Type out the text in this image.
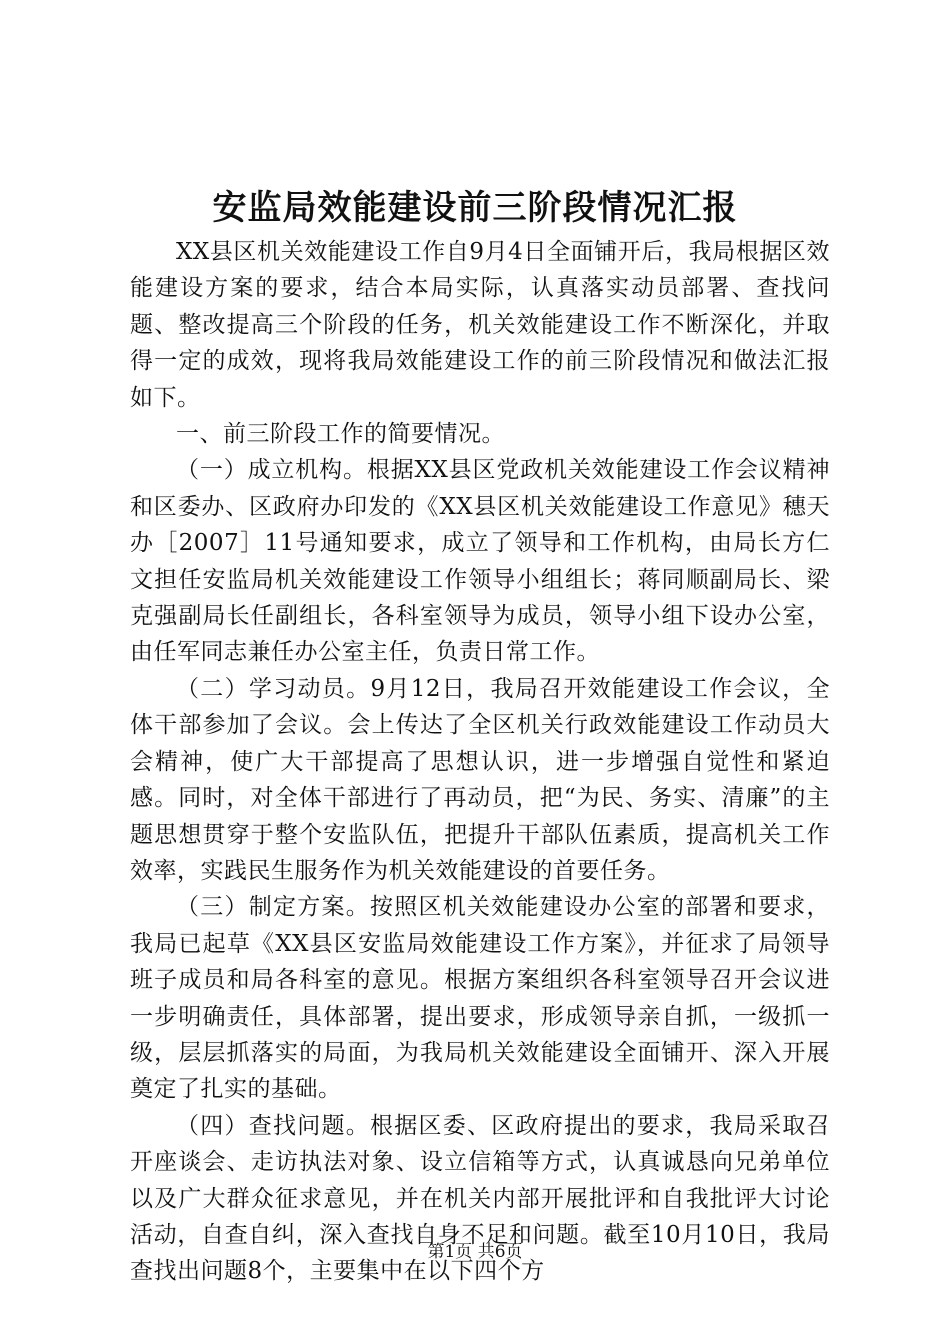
安监局效能建设前三阶段情况汇报

XX县区机关效能建设工作自9月4日全面铺开后，我局根据区效能建设方案的要求，结合本局实际，认真落实动员部署、查找问题、整改提高三个阶段的任务，机关效能建设工作不断深化，并取得一定的成效，现将我局效能建设工作的前三阶段情况和做法汇报如下。

一、前三阶段工作的简要情况。

（一）成立机构。根据XX县区党政机关效能建设工作会议精神和区委办、区政府办印发的《XX县区机关效能建设工作意见》穗天办［2007］11号通知要求，成立了领导和工作机构，由局长方仁文担任安监局机关效能建设工作领导小组组长；蒋同顺副局长、梁克强副局长任副组长，各科室领导为成员，领导小组下设办公室，由任军同志兼任办公室主任，负责日常工作。

（二）学习动员。9月12日，我局召开效能建设工作会议，全体干部参加了会议。会上传达了全区机关行政效能建设工作动员大会精神，使广大干部提高了思想认识，进一步增强自觉性和紧迫感。同时，对全体干部进行了再动员，把“为民、务实、清廉”的主题思想贯穿于整个安监队伍，把提升干部队伍素质，提高机关工作效率，实践民生服务作为机关效能建设的首要任务。

（三）制定方案。按照区机关效能建设办公室的部署和要求，我局已起草《XX县区安监局效能建设工作方案》，并征求了局领导班子成员和局各科室的意见。根据方案组织各科室领导召开会议进一步明确责任，具体部署，提出要求，形成领导亲自抓，一级抓一级，层层抓落实的局面，为我局机关效能建设全面铺开、深入开展奠定了扎实的基础。

（四）查找问题。根据区委、区政府提出的要求，我局采取召开座谈会、走访执法对象、设立信箱等方式，认真诚恳向兄弟单位以及广大群众征求意见，并在机关内部开展批评和自我批评大讨论活动，自查自纠，深入查找自身不足和问题。截至10月10日，我局查找出问题8个，主要集中在以下四个方

第1页 共6页
